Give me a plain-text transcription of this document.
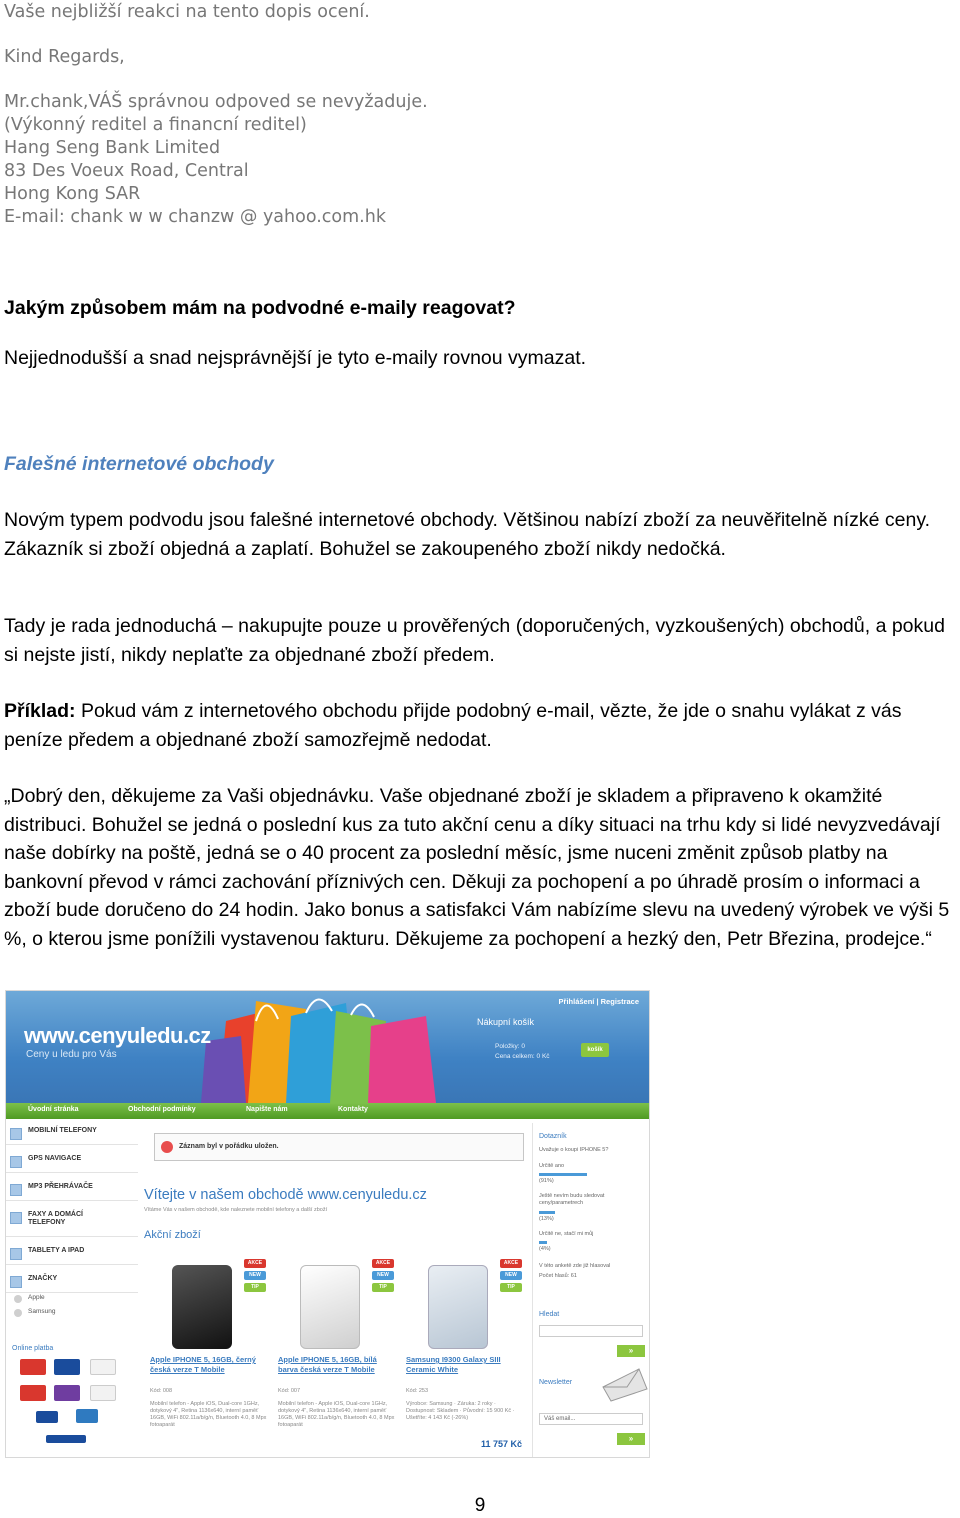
Vaše nejbližší reakci na tento dopis ocení.
Kind Regards,
Mr.chank,VÁŠ správnou odpoved se nevyžaduje.
(Výkonný reditel a financní reditel)
Hang Seng Bank Limited
83 Des Voeux Road, Central
Hong Kong SAR
E-mail: chank w w chanzw @ yahoo.com.hk
Jakým způsobem mám na podvodné e-maily reagovat?
Nejjednodušší a snad nejsprávnější je tyto e-maily rovnou vymazat.
Falešné internetové obchody

Novým typem podvodu jsou falešné internetové obchody. Většinou nabízí zboží za neuvěřitelně nízké ceny. Zákazník si zboží objedná a zaplatí. Bohužel se zakoupeného zboží nikdy nedočká.

Tady je rada jednoduchá – nakupujte pouze u prověřených (doporučených, vyzkoušených) obchodů, a pokud si nejste jistí, nikdy neplaťte za objednané zboží předem.

Příklad: Pokud vám z internetového obchodu přijde podobný e-mail, vězte, že jde o snahu vylákat z vás peníze předem a objednané zboží samozřejmě nedodat.

„Dobrý den, děkujeme za Vaši objednávku. Vaše objednané zboží je skladem a připraveno k okamžité distribuci. Bohužel se jedná o poslední kus za tuto akční cenu a díky situaci na trhu kdy si lidé nevyzvedávají naše dobírky na poště, jedná se o 40 procent za poslední měsíc, jsme nuceni změnit způsob platby na bankovní převod v rámci zachování příznivých cen. Děkuji za pochopení a po úhradě prosím o informaci a zboží bude doručeno do 24 hodin. Jako bonus a satisfakci Vám nabízíme slevu na uvedený výrobek ve výši 5 %, o kterou jsme ponížili vystavenou fakturu. Děkujeme za pochopení a hezký den, Petr Březina, prodejce.“

www.cenyuledu.cz
Ceny u ledu pro Vás
Přihlášení | Registrace
Nákupní košík
Položky: 0
Cena celkem: 0 Kč
košík
Úvodní stránka	Obchodní podmínky	Napište nám	Kontakty
MOBILNÍ TELEFONY
GPS NAVIGACE
MP3 PŘEHRÁVAČE
FAXY A DOMÁCÍ TELEFONY
TABLETY A IPAD
ZNAČKY
Apple
Samsung
Online platba
Záznam byl v pořádku uložen.
Vítejte v našem obchodě www.cenyuledu.cz
Vítáme Vás v našem obchodě, kde naleznete mobilní telefony a další zboží
Akční zboží
AKCE
NEW
TIP
Apple IPHONE 5, 16GB, černý česká verze T Mobile
Kód: 008
Mobilní telefon - Apple iOS, Dual-core 1GHz, dotykový 4", Retina 1136x640, interní paměť 16GB, WiFi 802.11a/b/g/n, Bluetooth 4.0, 8 Mpx fotoaparát
AKCE
NEW
TIP
Apple IPHONE 5, 16GB, bílá barva česká verze T Mobile
Kód: 007
Mobilní telefon - Apple iOS, Dual-core 1GHz, dotykový 4", Retina 1136x640, interní paměť 16GB, WiFi 802.11a/b/g/n, Bluetooth 4.0, 8 Mpx fotoaparát
AKCE
NEW
TIP
Samsung I9300 Galaxy SIII Ceramic White
Kód: 253
Výrobce: Samsung · Záruka: 2 roky · Dostupnost: Skladem · Původní: 15 900 Kč · Ušetříte: 4 143 Kč (-26%)
11 757 Kč
Dotazník
Uvažuje o koupi IPHONE 5?
Určitě ano
(91%)
Ještě nevím budu sledovat ceny/parametrech
(13%)
Určitě ne, stačí mi můj
(4%)
V této anketě zde již hlasoval
Počet hlasů: 61
Hledat
»
Newsletter
Váš email...
»
9
